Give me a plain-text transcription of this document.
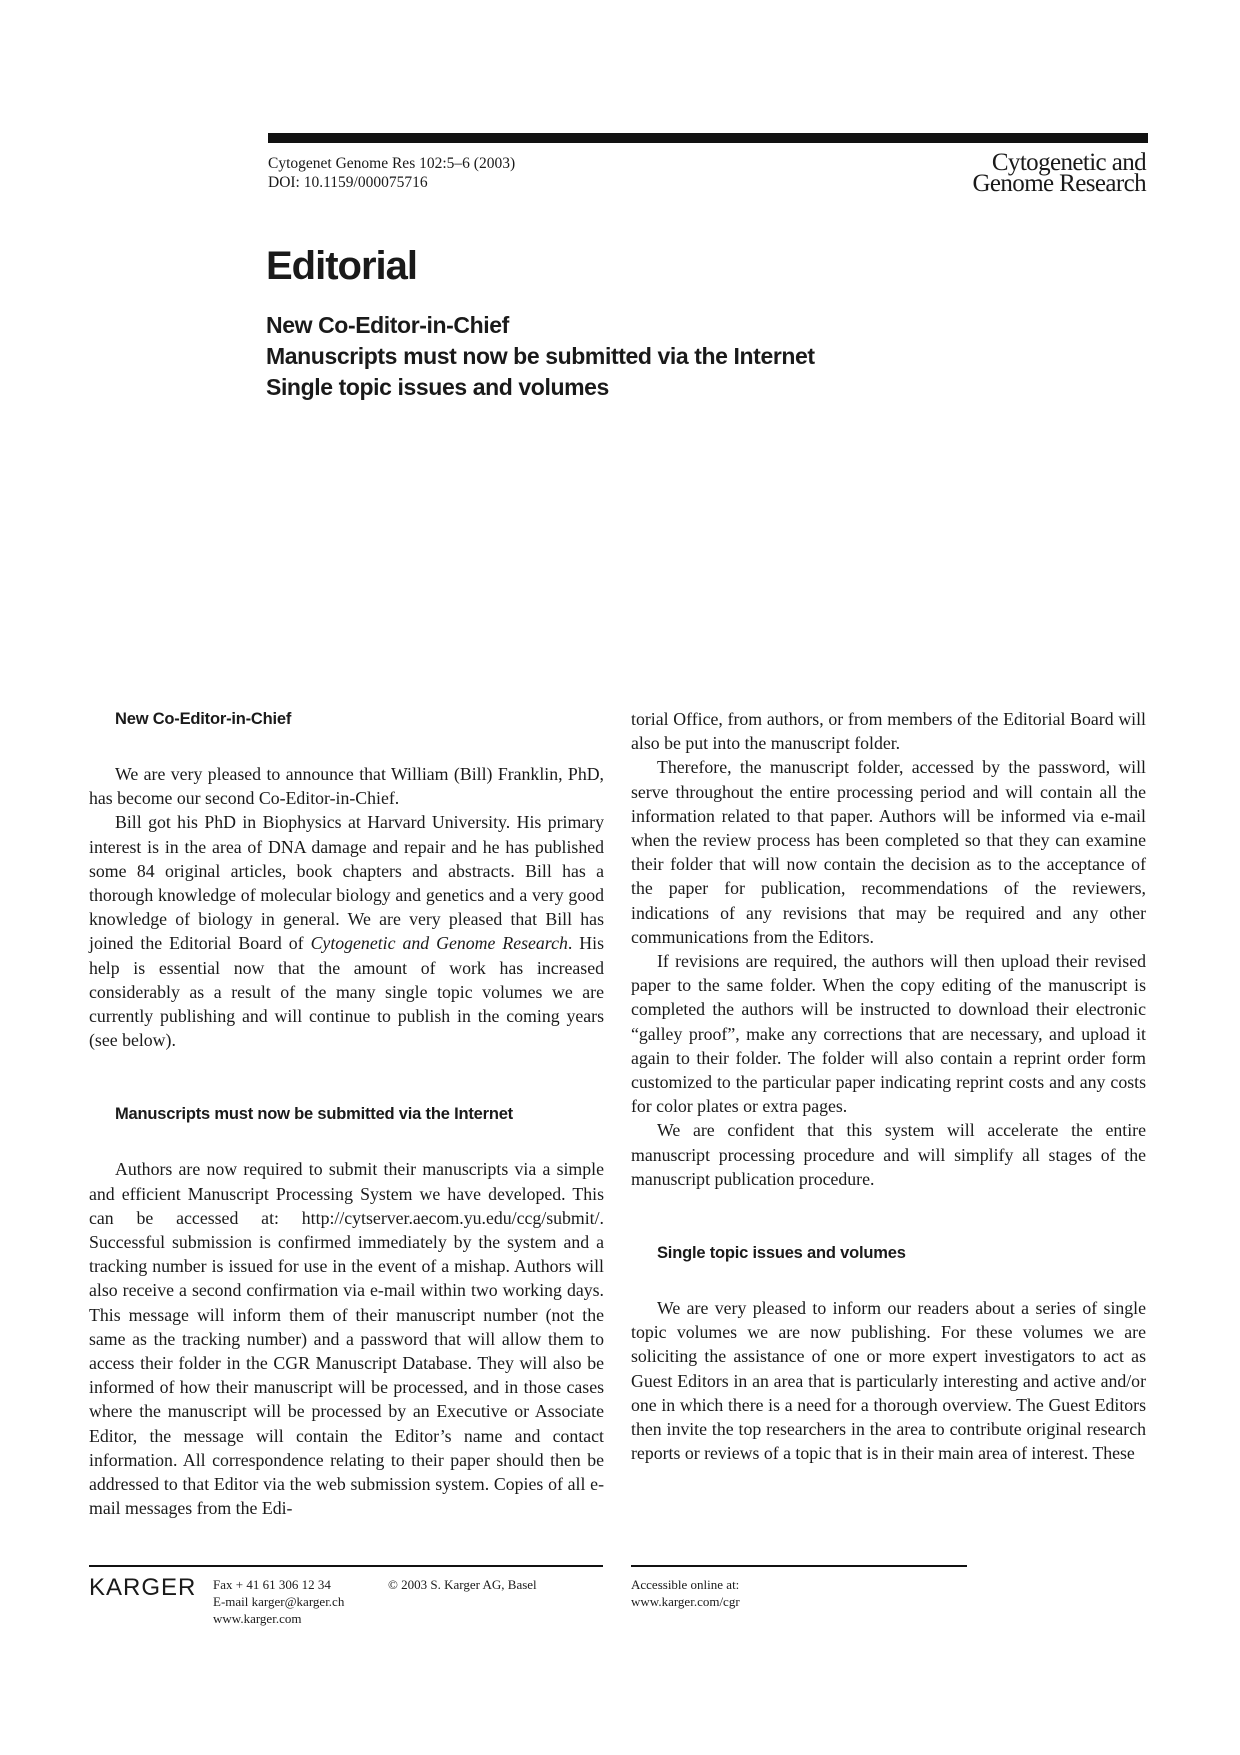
Cytogenet Genome Res 102:5–6 (2003)
DOI: 10.1159/000075716
Cytogenetic and
Genome Research
Editorial
New Co-Editor-in-Chief
Manuscripts must now be submitted via the Internet
Single topic issues and volumes
New Co-Editor-in-Chief

We are very pleased to announce that William (Bill) Franklin, PhD, has become our second Co-Editor-in-Chief.

Bill got his PhD in Biophysics at Harvard University. His primary interest is in the area of DNA damage and repair and he has published some 84 original articles, book chapters and abstracts. Bill has a thorough knowledge of molecular biology and genetics and a very good knowledge of biology in general. We are very pleased that Bill has joined the Editorial Board of Cytogenetic and Genome Research. His help is essential now that the amount of work has increased considerably as a result of the many single topic volumes we are currently publishing and will continue to publish in the coming years (see below).

Manuscripts must now be submitted via the Internet

Authors are now required to submit their manuscripts via a simple and efficient Manuscript Processing System we have developed. This can be accessed at: http://cytserver.aecom.yu.edu/ccg/submit/. Successful submission is confirmed immediately by the system and a tracking number is issued for use in the event of a mishap. Authors will also receive a second confirmation via e-mail within two working days. This message will inform them of their manuscript number (not the same as the tracking number) and a password that will allow them to access their folder in the CGR Manuscript Database. They will also be informed of how their manuscript will be processed, and in those cases where the manuscript will be processed by an Executive or Associate Editor, the message will contain the Editor’s name and contact information. All correspondence relating to their paper should then be addressed to that Editor via the web submission system. Copies of all e-mail messages from the Edi-

torial Office, from authors, or from members of the Editorial Board will also be put into the manuscript folder.

Therefore, the manuscript folder, accessed by the password, will serve throughout the entire processing period and will contain all the information related to that paper. Authors will be informed via e-mail when the review process has been completed so that they can examine their folder that will now contain the decision as to the acceptance of the paper for publication, recommendations of the reviewers, indications of any revisions that may be required and any other communications from the Editors.

If revisions are required, the authors will then upload their revised paper to the same folder. When the copy editing of the manuscript is completed the authors will be instructed to download their electronic “galley proof”, make any corrections that are necessary, and upload it again to their folder. The folder will also contain a reprint order form customized to the particular paper indicating reprint costs and any costs for color plates or extra pages.

We are confident that this system will accelerate the entire manuscript processing procedure and will simplify all stages of the manuscript publication procedure.

Single topic issues and volumes

We are very pleased to inform our readers about a series of single topic volumes we are now publishing. For these volumes we are soliciting the assistance of one or more expert investigators to act as Guest Editors in an area that is particularly interesting and active and/or one in which there is a need for a thorough overview. The Guest Editors then invite the top researchers in the area to contribute original research reports or reviews of a topic that is in their main area of interest. These

KARGER Fax + 41 61 306 12 34
E-mail karger@karger.ch
www.karger.com
© 2003 S. Karger AG, Basel	Accessible online at:
www.karger.com/cgr
